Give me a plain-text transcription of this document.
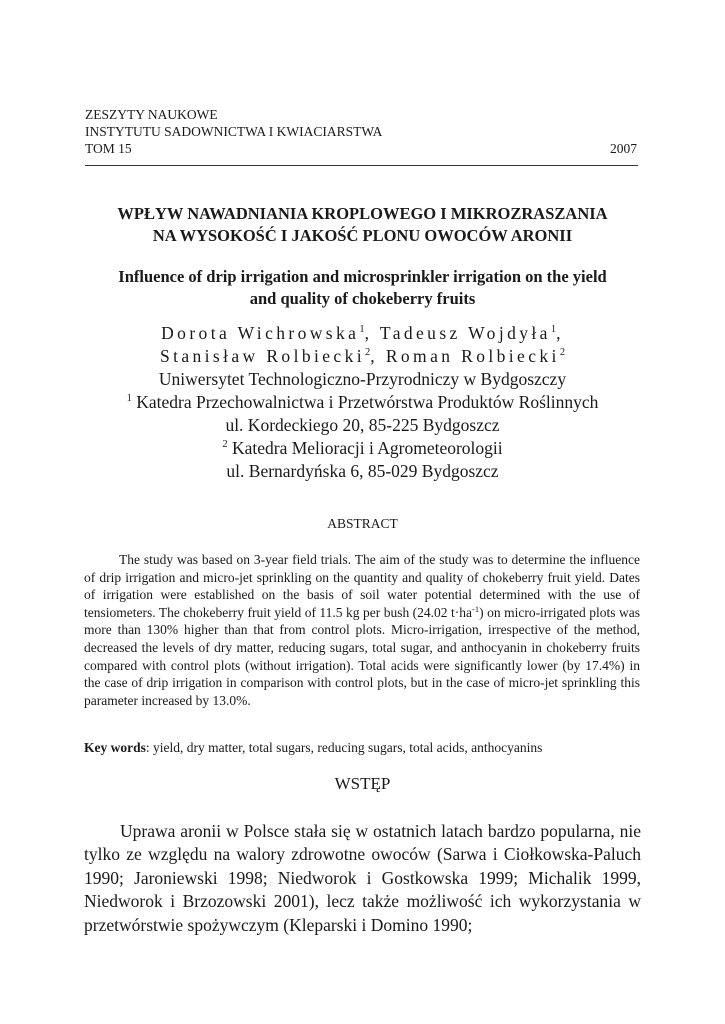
ZESZYTY NAUKOWE
INSTYTUTU SADOWNICTWA I KWIACIARSTWA
TOM 15	2007
WPŁYW NAWADNIANIA KROPLOWEGO I MIKROZRASZANIA
NA WYSOKOŚĆ I JAKOŚĆ PLONU OWOCÓW ARONII
Influence of drip irrigation and microsprinkler irrigation on the yield
and quality of chokeberry fruits
Dorota Wichrowska$^1$, Tadeusz Wojdyła$^1$,
Stanisław Rolbiecki$^2$, Roman Rolbiecki$^2$
Uniwersytet Technologiczno-Przyrodniczy w Bydgoszczy
$^1$ Katedra Przechowalnictwa i Przetwórstwa Produktów Roślinnych
ul. Kordeckiego 20, 85-225 Bydgoszcz
$^2$ Katedra Melioracji i Agrometeorologii
ul. Bernardyńska 6, 85-029 Bydgoszcz
ABSTRACT

The study was based on 3-year field trials. The aim of the study was to determine the influence of drip irrigation and micro-jet sprinkling on the quantity and quality of chokeberry fruit yield. Dates of irrigation were established on the basis of soil water potential determined with the use of tensiometers. The chokeberry fruit yield of 11.5 kg per bush (24.02 $t\cdot ha^{-1}$) on micro-irrigated plots was more than 130% higher than that from control plots. Micro-irrigation, irrespective of the method, decreased the levels of dry matter, reducing sugars, total sugar, and anthocyanin in chokeberry fruits compared with control plots (without irrigation). Total acids were significantly lower (by 17.4%) in the case of drip irrigation in comparison with control plots, but in the case of micro-jet sprinkling this parameter increased by 13.0%.

Key words: yield, dry matter, total sugars, reducing sugars, total acids, anthocyanins
WSTĘP

Uprawa aronii w Polsce stała się w ostatnich latach bardzo popularna, nie tylko ze względu na walory zdrowotne owoców (Sarwa i Ciołkowska-Paluch 1990; Jaroniewski 1998; Niedworok i Gostkowska 1999; Michalik 1999, Niedworok i Brzozowski 2001), lecz także możliwość ich wykorzystania w przetwórstwie spożywczym (Kleparski i Domino 1990;
